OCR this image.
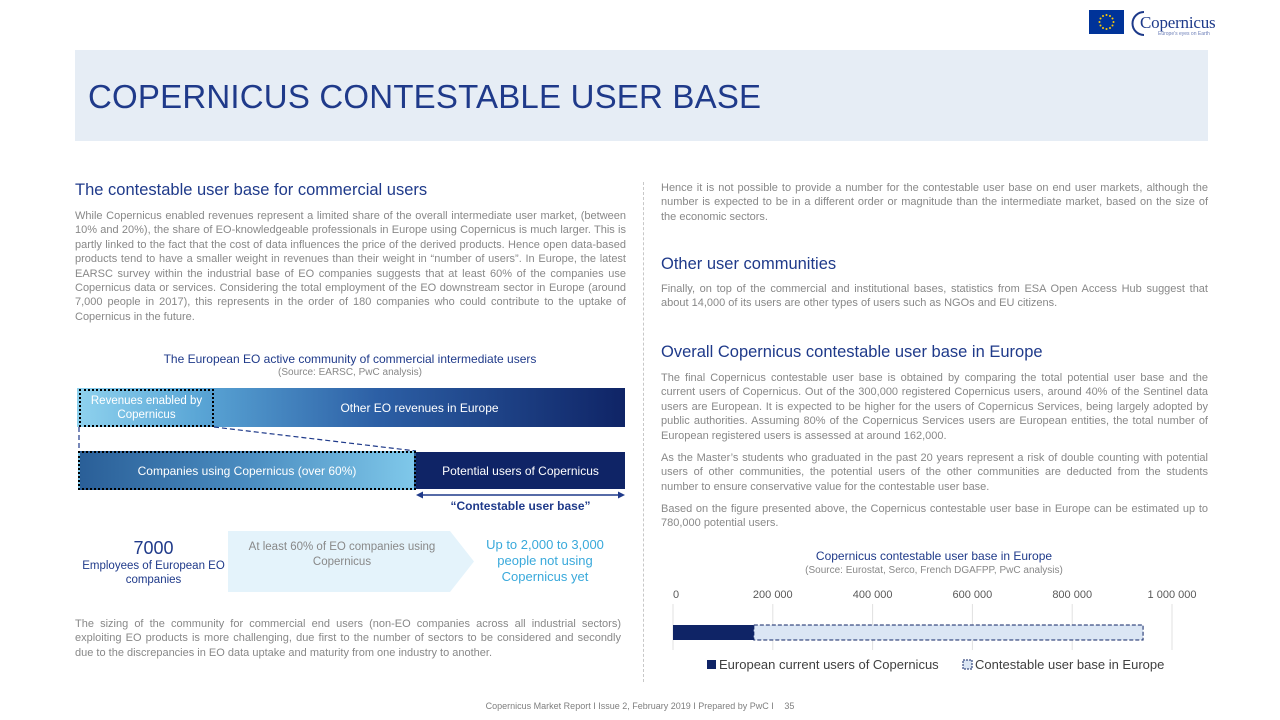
Copernicus
Europe's eyes on Earth
COPERNICUS CONTESTABLE USER BASE
The contestable user base for commercial users

While Copernicus enabled revenues represent a limited share of the overall intermediate user market, (between 10% and 20%), the share of EO-knowledgeable professionals in Europe using Copernicus is much larger. This is partly linked to the fact that the cost of data influences the price of the derived products. Hence open data-based products tend to have a smaller weight in revenues than their weight in “number of users”. In Europe, the latest EARSC survey within the industrial base of EO companies suggests that at least 60% of the companies use Copernicus data or services. Considering the total employment of the EO downstream sector in Europe (around 7,000 people in 2017), this represents in the order of 180 companies who could contribute to the uptake of Copernicus in the future.

The European EO active community of commercial intermediate users
(Source: EARSC, PwC analysis)
Revenues enabled by Copernicus
Other EO revenues in Europe
Companies using Copernicus (over 60%)	Potential users of Copernicus
“Contestable user base”
7000
Employees of European EO companies
At least 60% of EO companies using Copernicus
Up to 2,000 to 3,000 people not using Copernicus yet

The sizing of the community for commercial end users (non-EO companies across all industrial sectors) exploiting EO products is more challenging, due first to the number of sectors to be considered and secondly due to the discrepancies in EO data uptake and maturity from one industry to another.

Hence it is not possible to provide a number for the contestable user base on end user markets, although the number is expected to be in a different order or magnitude than the intermediate market, based on the size of the economic sectors.

Other user communities

Finally, on top of the commercial and institutional bases, statistics from ESA Open Access Hub suggest that about 14,000 of its users are other types of users such as NGOs and EU citizens.

Overall Copernicus contestable user base in Europe

The final Copernicus contestable user base is obtained by comparing the total potential user base and the current users of Copernicus. Out of the 300,000 registered Copernicus users, around 40% of the Sentinel data users are European. It is expected to be higher for the users of Copernicus Services, being largely adopted by public authorities. Assuming 80% of the Copernicus Services users are European entities, the total number of European registered users is assessed at around 162,000.

As the Master’s students who graduated in the past 20 years represent a risk of double counting with potential users of other communities, the potential users of the other communities are deducted from the students number to ensure conservative value for the contestable user base.

Based on the figure presented above, the Copernicus contestable user base in Europe can be estimated up to 780,000 potential users.

Copernicus contestable user base in Europe
(Source: Eurostat, Serco, French DGAFPP, PwC analysis)
0	200 000	400 000	600 000	800 000	1 000 000
European current users of Copernicus	Contestable user base in Europe
Copernicus Market Report I Issue 2, February 2019 I Prepared by PwC I 35
